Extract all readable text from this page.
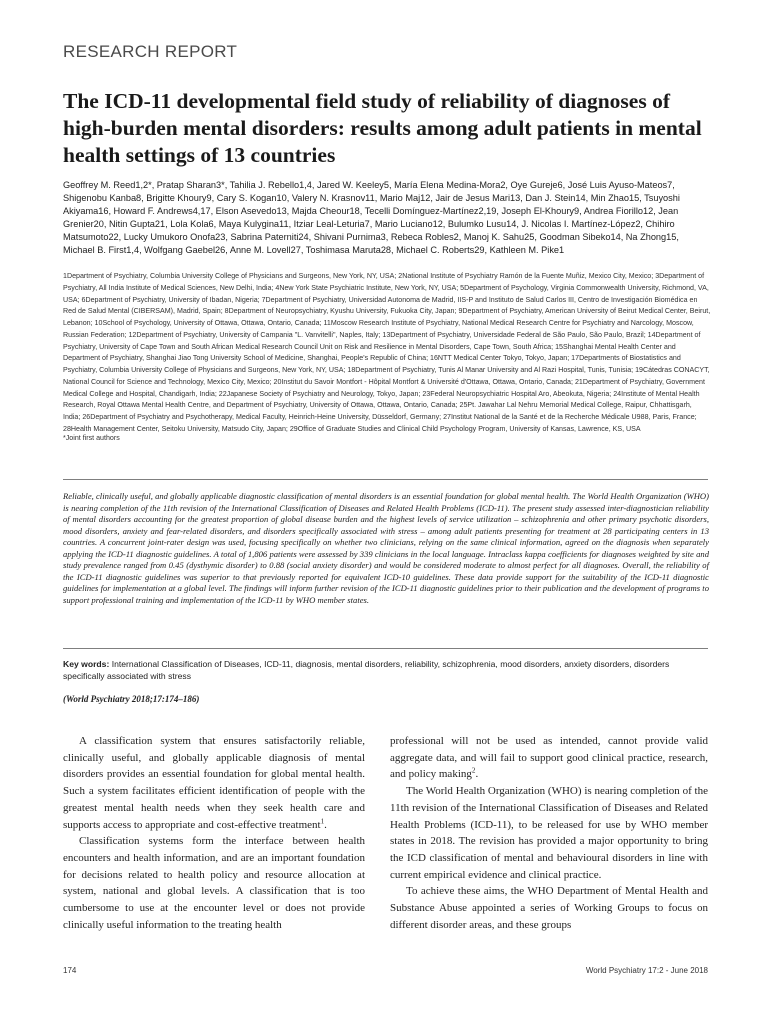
RESEARCH REPORT
The ICD-11 developmental field study of reliability of diagnoses of high-burden mental disorders: results among adult patients in mental health settings of 13 countries

Geoffrey M. Reed1,2*, Pratap Sharan3*, Tahilia J. Rebello1,4, Jared W. Keeley5, María Elena Medina-Mora2, Oye Gureje6, José Luis Ayuso-Mateos7, Shigenobu Kanba8, Brigitte Khoury9, Cary S. Kogan10, Valery N. Krasnov11, Mario Maj12, Jair de Jesus Mari13, Dan J. Stein14, Min Zhao15, Tsuyoshi Akiyama16, Howard F. Andrews4,17, Elson Asevedo13, Majda Cheour18, Tecelli Domínguez-Martínez2,19, Joseph El-Khoury9, Andrea Fiorillo12, Jean Grenier20, Nitin Gupta21, Lola Kola6, Maya Kulygina11, Itziar Leal-Leturia7, Mario Luciano12, Bulumko Lusu14, J. Nicolas I. Martínez-López2, Chihiro Matsumoto22, Lucky Umukoro Onofa23, Sabrina Paterniti24, Shivani Purnima3, Rebeca Robles2, Manoj K. Sahu25, Goodman Sibeko14, Na Zhong15, Michael B. First1,4, Wolfgang Gaebel26, Anne M. Lovell27, Toshimasa Maruta28, Michael C. Roberts29, Kathleen M. Pike1

1Department of Psychiatry, Columbia University College of Physicians and Surgeons, New York, NY, USA; 2National Institute of Psychiatry Ramón de la Fuente Muñiz, Mexico City, Mexico; 3Department of Psychiatry, All India Institute of Medical Sciences, New Delhi, India; 4New York State Psychiatric Institute, New York, NY, USA; 5Department of Psychology, Virginia Commonwealth University, Richmond, VA, USA; 6Department of Psychiatry, University of Ibadan, Nigeria; 7Department of Psychiatry, Universidad Autonoma de Madrid, IIS-P and Instituto de Salud Carlos III, Centro de Investigación Biomédica en Red de Salud Mental (CIBERSAM), Madrid, Spain; 8Department of Neuropsychiatry, Kyushu University, Fukuoka City, Japan; 9Department of Psychiatry, American University of Beirut Medical Center, Beirut, Lebanon; 10School of Psychology, University of Ottawa, Ottawa, Ontario, Canada; 11Moscow Research Institute of Psychiatry, National Medical Research Centre for Psychiatry and Narcology, Moscow, Russian Federation; 12Department of Psychiatry, University of Campania "L. Vanvitelli", Naples, Italy; 13Department of Psychiatry, Universidade Federal de São Paulo, São Paulo, Brazil; 14Department of Psychiatry, University of Cape Town and South African Medical Research Council Unit on Risk and Resilience in Mental Disorders, Cape Town, South Africa; 15Shanghai Mental Health Center and Department of Psychiatry, Shanghai Jiao Tong University School of Medicine, Shanghai, People's Republic of China; 16NTT Medical Center Tokyo, Tokyo, Japan; 17Departments of Biostatistics and Psychiatry, Columbia University College of Physicians and Surgeons, New York, NY, USA; 18Department of Psychiatry, Tunis Al Manar University and Al Razi Hospital, Tunis, Tunisia; 19Cátedras CONACYT, National Council for Science and Technology, Mexico City, Mexico; 20Institut du Savoir Montfort - Hôpital Montfort & Université d'Ottawa, Ottawa, Ontario, Canada; 21Department of Psychiatry, Government Medical College and Hospital, Chandigarh, India; 22Japanese Society of Psychiatry and Neurology, Tokyo, Japan; 23Federal Neuropsychiatric Hospital Aro, Abeokuta, Nigeria; 24Institute of Mental Health Research, Royal Ottawa Mental Health Centre, and Department of Psychiatry, University of Ottawa, Ottawa, Ontario, Canada; 25Pt. Jawahar Lal Nehru Memorial Medical College, Raipur, Chhattisgarh, India; 26Department of Psychiatry and Psychotherapy, Medical Faculty, Heinrich-Heine University, Düsseldorf, Germany; 27Institut National de la Santé et de la Recherche Médicale U988, Paris, France; 28Health Management Center, Seitoku University, Matsudo City, Japan; 29Office of Graduate Studies and Clinical Child Psychology Program, University of Kansas, Lawrence, KS, USA

*Joint first authors

Reliable, clinically useful, and globally applicable diagnostic classification of mental disorders is an essential foundation for global mental health. The World Health Organization (WHO) is nearing completion of the 11th revision of the International Classification of Diseases and Related Health Problems (ICD-11). The present study assessed inter-diagnostician reliability of mental disorders accounting for the greatest proportion of global disease burden and the highest levels of service utilization – schizophrenia and other primary psychotic disorders, mood disorders, anxiety and fear-related disorders, and disorders specifically associated with stress – among adult patients presenting for treatment at 28 participating centers in 13 countries. A concurrent joint-rater design was used, focusing specifically on whether two clinicians, relying on the same clinical information, agreed on the diagnosis when separately applying the ICD-11 diagnostic guidelines. A total of 1,806 patients were assessed by 339 clinicians in the local language. Intraclass kappa coefficients for diagnoses weighted by site and study prevalence ranged from 0.45 (dysthymic disorder) to 0.88 (social anxiety disorder) and would be considered moderate to almost perfect for all diagnoses. Overall, the reliability of the ICD-11 diagnostic guidelines was superior to that previously reported for equivalent ICD-10 guidelines. These data provide support for the suitability of the ICD-11 diagnostic guidelines for implementation at a global level. The findings will inform further revision of the ICD-11 diagnostic guidelines prior to their publication and the development of programs to support professional training and implementation of the ICD-11 by WHO member states.

Key words: International Classification of Diseases, ICD-11, diagnosis, mental disorders, reliability, schizophrenia, mood disorders, anxiety disorders, disorders specifically associated with stress

(World Psychiatry 2018;17:174–186)

A classification system that ensures satisfactorily reliable, clinically useful, and globally applicable diagnosis of mental disorders provides an essential foundation for global mental health. Such a system facilitates efficient identification of people with the greatest mental health needs when they seek health care and supports access to appropriate and cost-effective treatment$^1$.

Classification systems form the interface between health encounters and health information, and are an important foundation for decisions related to health policy and resource allocation at system, national and global levels. A classification that is too cumbersome to use at the encounter level or does not provide clinically useful information to the treating health

professional will not be used as intended, cannot provide valid aggregate data, and will fail to support good clinical practice, research, and policy making$^2$.

The World Health Organization (WHO) is nearing completion of the 11th revision of the International Classification of Diseases and Related Health Problems (ICD-11), to be released for use by WHO member states in 2018. The revision has provided a major opportunity to bring the ICD classification of mental and behavioural disorders in line with current empirical evidence and clinical practice.

To achieve these aims, the WHO Department of Mental Health and Substance Abuse appointed a series of Working Groups to focus on different disorder areas, and these groups

174	World Psychiatry 17:2 - June 2018
